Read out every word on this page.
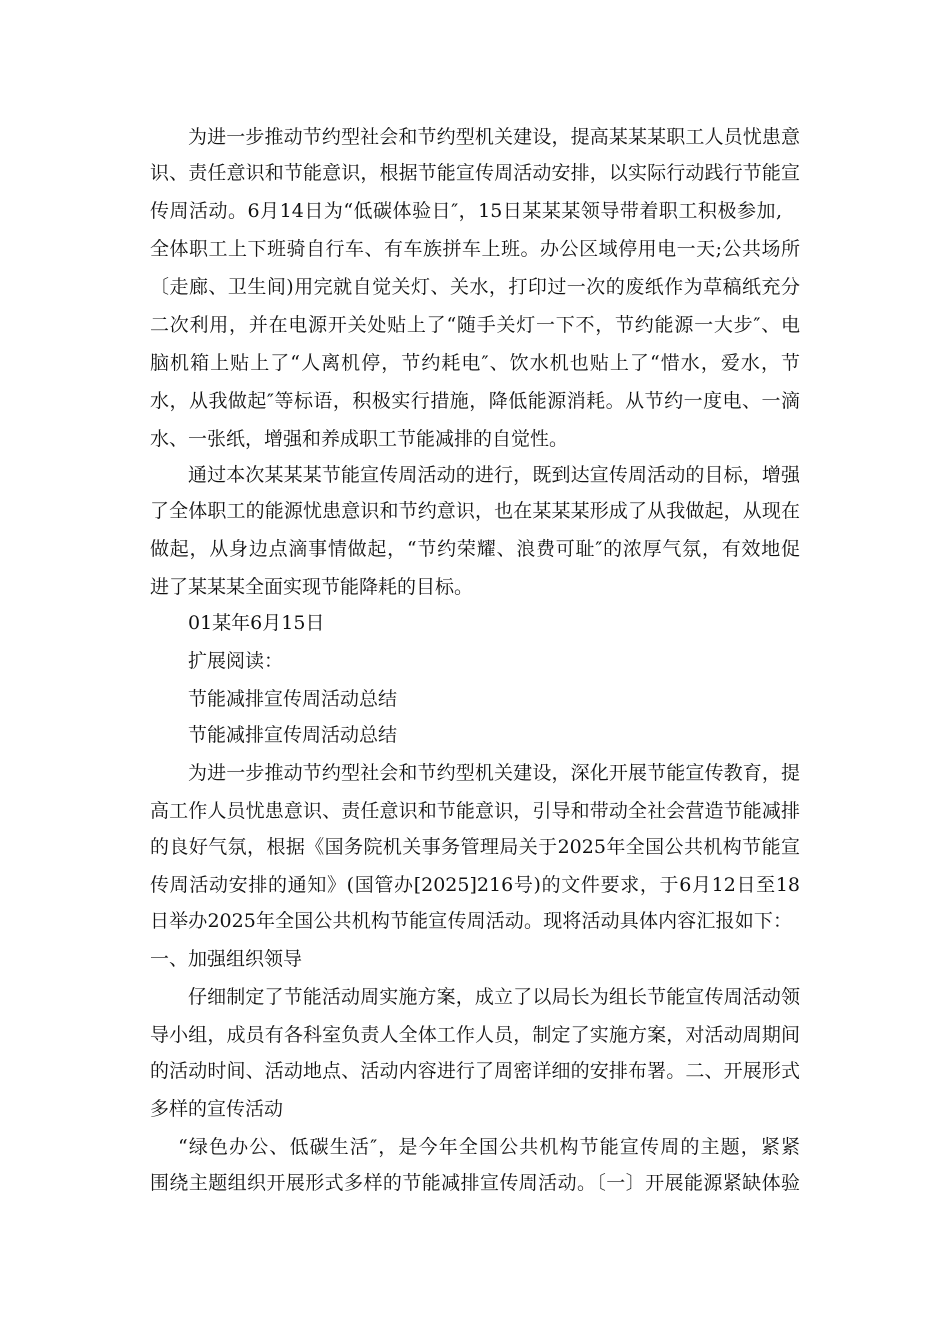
为进一步推动节约型社会和节约型机关建设，提高某某某职工人员忧患意

识、责任意识和节能意识，根据节能宣传周活动安排，以实际行动践行节能宣

传周活动。6月14日为“低碳体验日″，15日某某某领导带着职工积极参加,

全体职工上下班骑自行车、有车族拼车上班。办公区域停用电一天;公共场所

〔走廊、卫生间)用完就自觉关灯、关水，打印过一次的废纸作为草稿纸充分

二次利用，并在电源开关处贴上了“随手关灯一下不，节约能源一大步″、电

脑机箱上贴上了“人离机停，节约耗电″、饮水机也贴上了“惜水，爱水，节

水，从我做起″等标语，积极实行措施，降低能源消耗。从节约一度电、一滴

水、一张纸，增强和养成职工节能减排的自觉性。

通过本次某某某节能宣传周活动的进行，既到达宣传周活动的目标，增强

了全体职工的能源忧患意识和节约意识，也在某某某形成了从我做起，从现在

做起，从身边点滴事情做起，“节约荣耀、浪费可耻″的浓厚气氛，有效地促

进了某某某全面实现节能降耗的目标。

01某年6月15日

扩展阅读：

节能减排宣传周活动总结

节能减排宣传周活动总结

为进一步推动节约型社会和节约型机关建设，深化开展节能宣传教育，提

高工作人员忧患意识、责任意识和节能意识，引导和带动全社会营造节能减排

的良好气氛，根据《国务院机关事务管理局关于2025年全国公共机构节能宣

传周活动安排的通知》(国管办[2025]216号)的文件要求，于6月12日至18

日举办2025年全国公共机构节能宣传周活动。现将活动具体内容汇报如下：

一、加强组织领导

仔细制定了节能活动周实施方案，成立了以局长为组长节能宣传周活动领

导小组，成员有各科室负责人全体工作人员，制定了实施方案，对活动周期间

的活动时间、活动地点、活动内容进行了周密详细的安排布署。二、开展形式

多样的宣传活动

“绿色办公、低碳生活″，是今年全国公共机构节能宣传周的主题，紧紧

围绕主题组织开展形式多样的节能减排宣传周活动。〔一〕开展能源紧缺体验
